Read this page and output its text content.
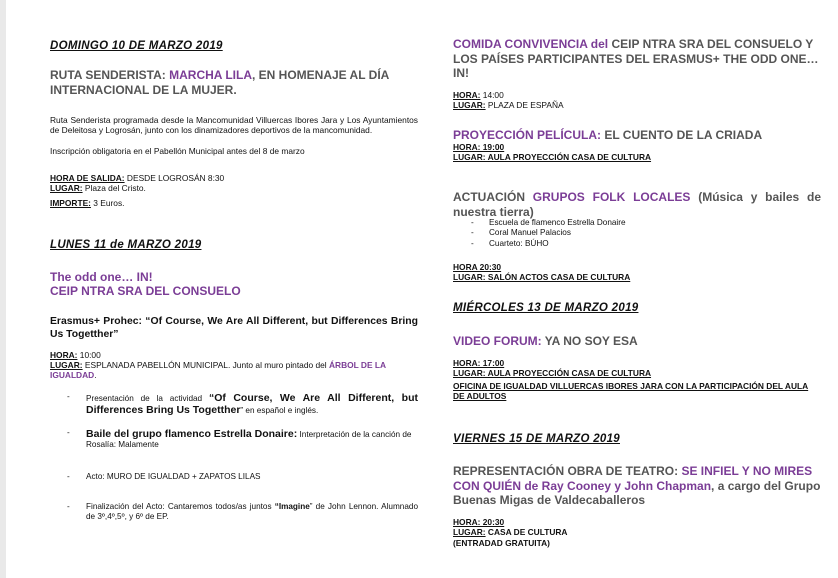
DOMINGO 10 DE MARZO 2019

RUTA SENDERISTA: MARCHA LILA, EN HOMENAJE AL DÍA INTERNACIONAL DE LA MUJER.

Ruta Senderista programada desde la Mancomunidad Villuercas Ibores Jara y Los Ayuntamientos de Deleitosa y Logrosán, junto con los dinamizadores deportivos de la mancomunidad.

Inscripción obligatoria en el Pabellón Municipal antes del 8 de marzo

HORA DE SALIDA: DESDE LOGROSÁN 8:30

LUGAR: Plaza del Cristo.

IMPORTE: 3 Euros.

LUNES 11 de MARZO 2019

The odd one… IN!

CEIP NTRA SRA DEL CONSUELO

Erasmus+ Prohec: “Of Course, We Are All Different, but Differences Bring Us Togetther”

HORA: 10:00

LUGAR: ESPLANADA PABELLÓN MUNICIPAL. Junto al muro pintado del ÁRBOL DE LA IGUALDAD.

- Presentación de la actividad “Of Course, We Are All Different, but Differences Bring Us Togetther” en español e inglés.
- Baile del grupo flamenco Estrella Donaire: Interpretación de la canción de Rosalía: Malamente
- Acto: MURO DE IGUALDAD + ZAPATOS LILAS
- Finalización del Acto: Cantaremos todos/as juntos “Imagine” de John Lennon. Alumnado de 3º,4º,5º, y 6º de EP.

COMIDA CONVIVENCIA del CEIP NTRA SRA DEL CONSUELO Y LOS PAÍSES PARTICIPANTES DEL ERASMUS+ THE ODD ONE… IN!

HORA: 14:00

LUGAR: PLAZA DE ESPAÑA

PROYECCIÓN PELÍCULA: EL CUENTO DE LA CRIADA

HORA: 19:00

LUGAR: AULA PROYECCIÓN CASA DE CULTURA

ACTUACIÓN GRUPOS FOLK LOCALES (Música y bailes de nuestra tierra)

- Escuela de flamenco Estrella Donaire
- Coral Manuel Palacios
- Cuarteto: BÚHO

HORA 20:30

LUGAR: SALÓN ACTOS CASA DE CULTURA

MIÉRCOLES 13 DE MARZO 2019

VIDEO FORUM: YA NO SOY ESA

HORA: 17:00

LUGAR: AULA PROYECCIÓN CASA DE CULTURA

OFICINA DE IGUALDAD VILLUERCAS IBORES JARA CON LA PARTICIPACIÓN DEL AULA DE ADULTOS

VIERNES 15 DE MARZO 2019

REPRESENTACIÓN OBRA DE TEATRO: SE INFIEL Y NO MIRES CON QUIÉN de Ray Cooney y John Chapman, a cargo del Grupo Buenas Migas de Valdecaballeros

HORA: 20:30

LUGAR: CASA DE CULTURA

(ENTRADAD GRATUITA)
